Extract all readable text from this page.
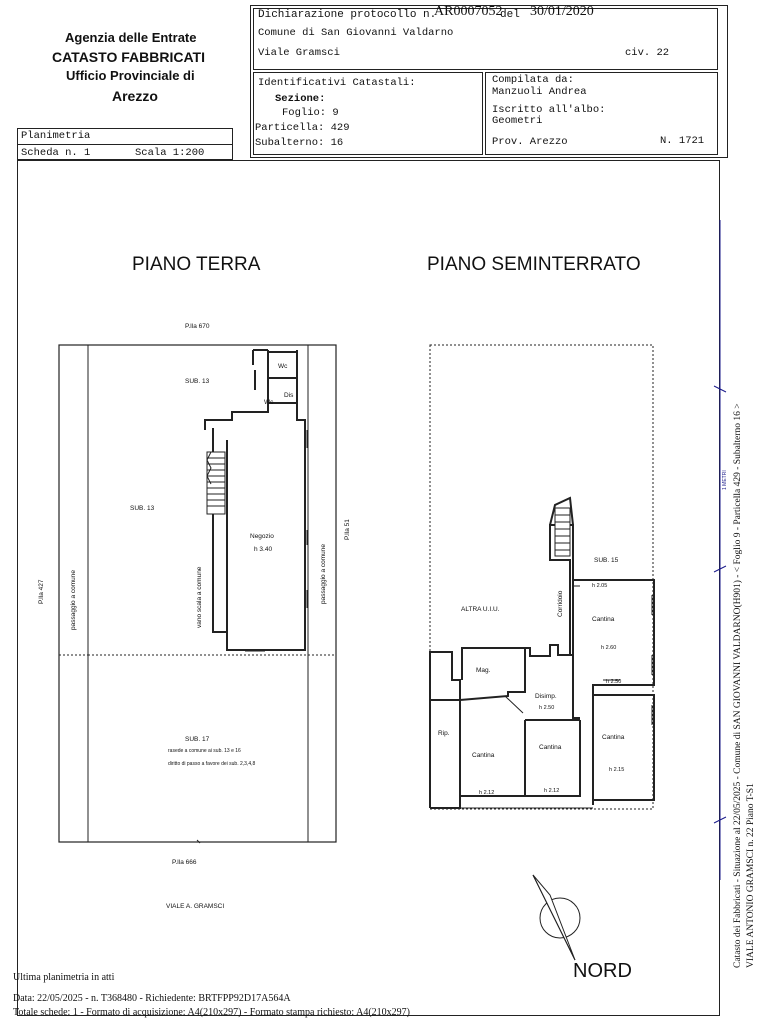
Agenzia delle Entrate
CATASTO FABBRICATI
Ufficio Provinciale di
Arezzo
Dichiarazione protocollo n.
AR0007052
del 30/01/2020
Comune di San Giovanni Valdarno
Viale Gramsci	civ. 22
Identificativi Catastali:
Sezione:
Foglio: 9
Particella: 429
Subalterno: 16
Compilata da:
Manzuoli Andrea
Iscritto all'albo:
Geometri
Prov. Arezzo	N. 1721
Planimetria
Scheda n. 1	Scala 1:200
PIANO TERRA	PIANO SEMINTERRATO
P.lla 670
SUB. 13
Wc
Dis
Wc
SUB. 13
Negozio
h 3.40
vano scala a comune
passaggio a comune	passaggio a comune
P.lla 427
P.lla 51
SUB. 17
rasede a comune ai sub. 13 e 16
diritto di passo a favore dei sub. 2,3,4,8
P.lla 666
VIALE A. GRAMSCI
ALTRA U.I.U.	Corridoio
SUB. 15
h 2.05
Cantina
h 2.60
Mag.
h 2.50
Disimp.
h 2.50
Rip.
Cantina
Cantina
Cantina
h 2.15
h 2.12	h 2.12
NORD
1 METRI
Ultima planimetria in atti
Data: 22/05/2025 - n. T368480 - Richiedente: BRTFPP92D17A564A
Totale schede: 1 - Formato di acquisizione: A4(210x297) - Formato stampa richiesto: A4(210x297)
Catasto dei Fabbricati - Situazione al 22/05/2025 - Comune di SAN GIOVANNI VALDARNO(H901) - < Foglio 9 - Particella 429 - Subalterno 16 > VIALE ANTONIO GRAMSCI n. 22 Piano T-S1
